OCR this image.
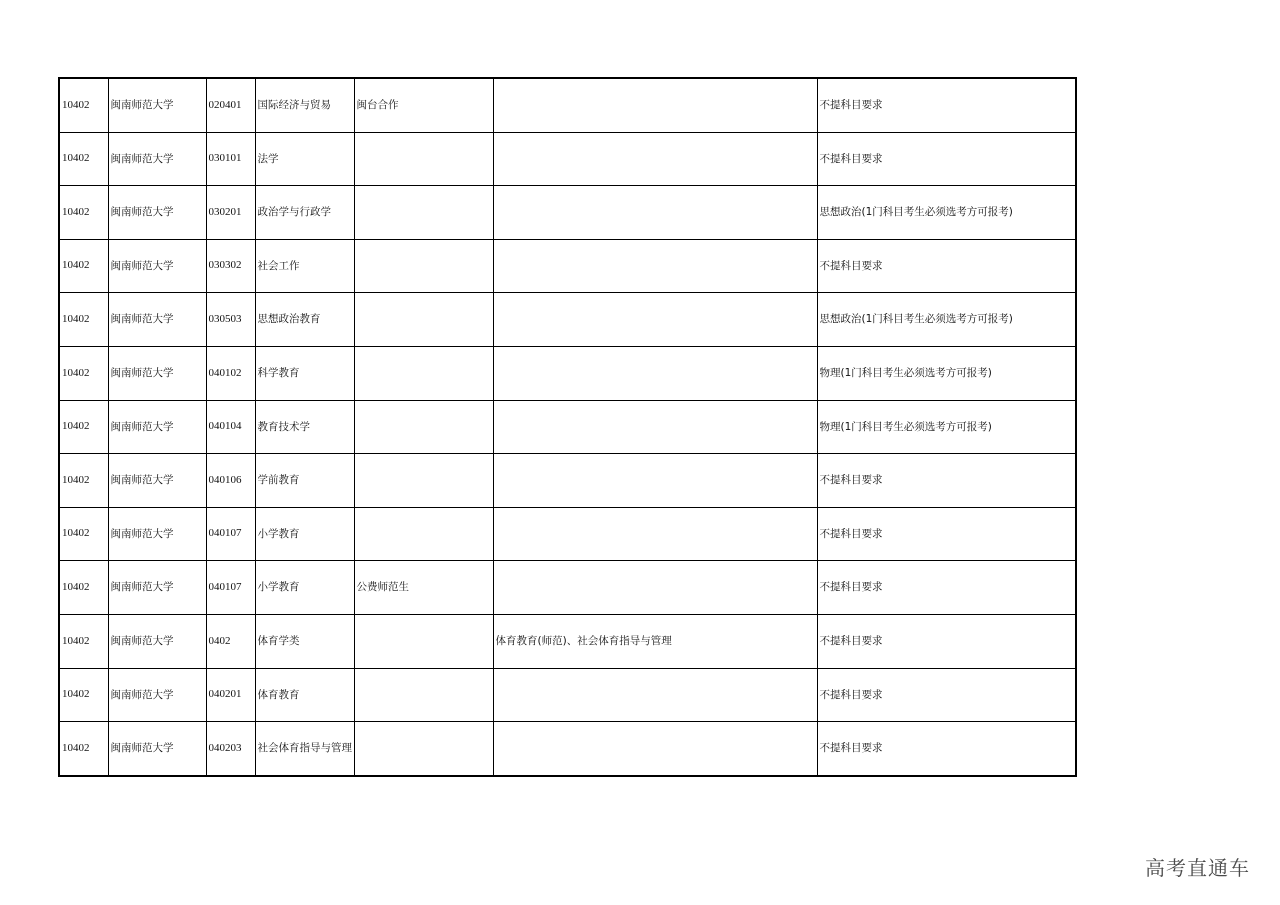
10402	闽南师范大学	020401	国际经济与贸易	闽台合作		不提科目要求
10402	闽南师范大学	030101	法学			不提科目要求
10402	闽南师范大学	030201	政治学与行政学			思想政治(1门科目考生必须选考方可报考)
10402	闽南师范大学	030302	社会工作			不提科目要求
10402	闽南师范大学	030503	思想政治教育			思想政治(1门科目考生必须选考方可报考)
10402	闽南师范大学	040102	科学教育			物理(1门科目考生必须选考方可报考)
10402	闽南师范大学	040104	教育技术学			物理(1门科目考生必须选考方可报考)
10402	闽南师范大学	040106	学前教育			不提科目要求
10402	闽南师范大学	040107	小学教育			不提科目要求
10402	闽南师范大学	040107	小学教育	公费师范生		不提科目要求
10402	闽南师范大学	0402	体育学类		体育教育(师范)、社会体育指导与管理	不提科目要求
10402	闽南师范大学	040201	体育教育			不提科目要求
10402	闽南师范大学	040203	社会体育指导与管理			不提科目要求
高考直通车
